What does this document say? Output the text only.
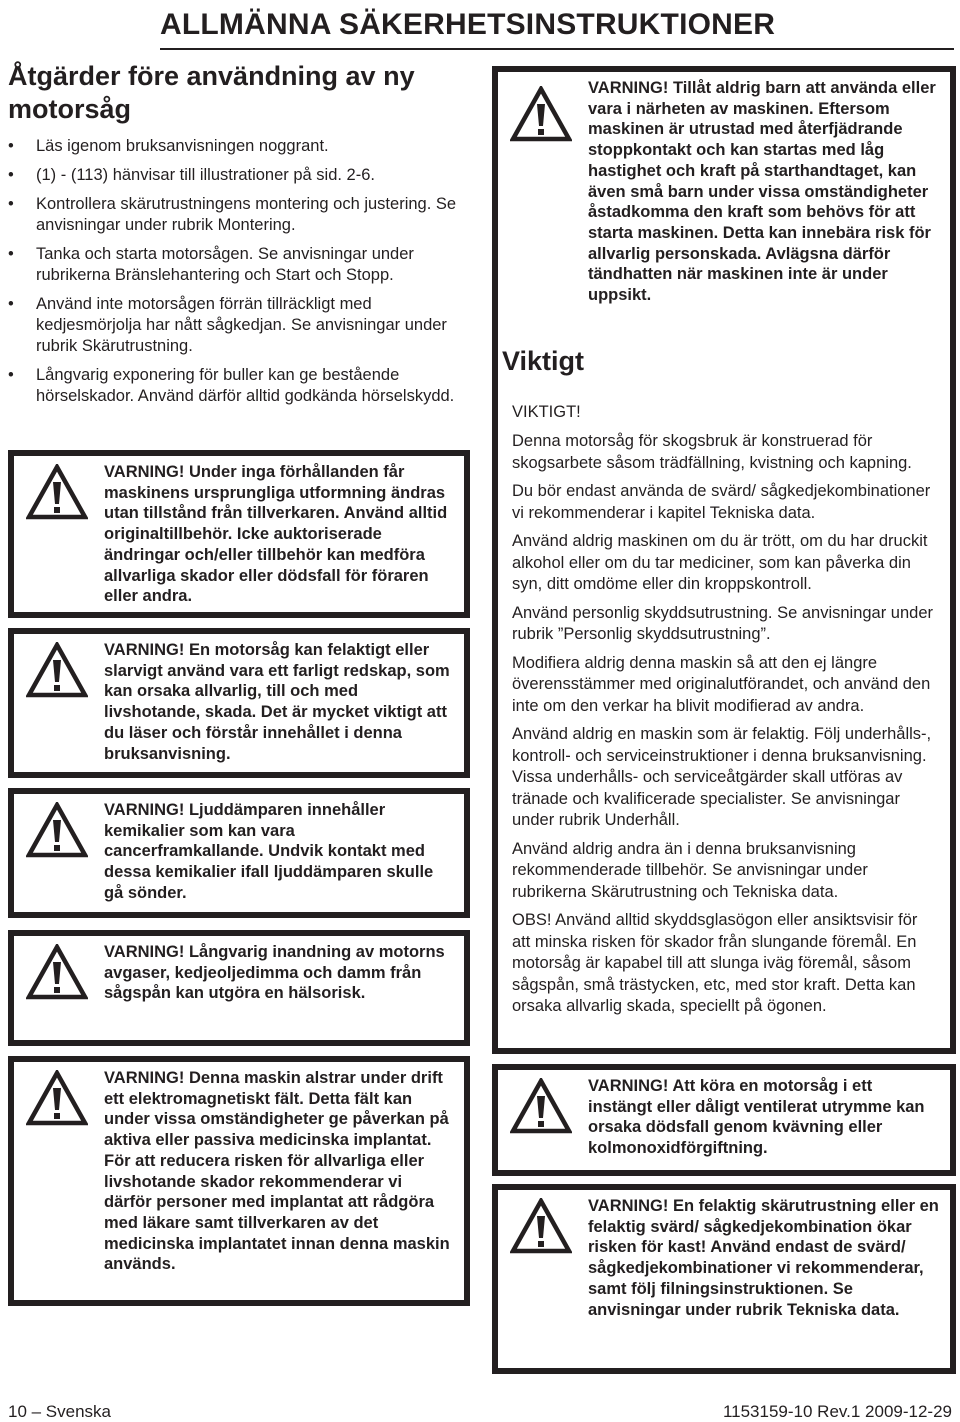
ALLMÄNNA SÄKERHETSINSTRUKTIONER
Åtgärder före användning av ny
motorsåg
•	Läs igenom bruksanvisningen noggrant.
•	(1) - (113) hänvisar till illustrationer på sid. 2-6.
•	Kontrollera skärutrustningens montering och justering. Se anvisningar under rubrik Montering.
•	Tanka och starta motorsågen. Se anvisningar under rubrikerna Bränslehantering och Start och Stopp.
•	Använd inte motorsågen förrän tillräckligt med kedjesmörjolja har nått sågkedjan. Se anvisningar under rubrik Skärutrustning.
•	Långvarig exponering för buller kan ge bestående hörselskador. Använd därför alltid godkända hörselskydd.

VARNING! Under inga förhållanden får maskinens ursprungliga utformning ändras utan tillstånd från tillverkaren. Använd alltid originaltillbehör. Icke auktoriserade ändringar och/eller tillbehör kan medföra allvarliga skador eller dödsfall för föraren eller andra.

VARNING! En motorsåg kan felaktigt eller slarvigt använd vara ett farligt redskap, som kan orsaka allvarlig, till och med livshotande, skada. Det är mycket viktigt att du läser och förstår innehållet i denna bruksanvisning.

VARNING! Ljuddämparen innehåller kemikalier som kan vara cancerframkallande. Undvik kontakt med dessa kemikalier ifall ljuddämparen skulle gå sönder.

VARNING! Långvarig inandning av motorns avgaser, kedjeoljedimma och damm från sågspån kan utgöra en hälsorisk.

VARNING! Denna maskin alstrar under drift ett elektromagnetiskt fält. Detta fält kan under vissa omständigheter ge påverkan på aktiva eller passiva medicinska implantat. För att reducera risken för allvarliga eller livshotande skador rekommenderar vi därför personer med implantat att rådgöra med läkare samt tillverkaren av det medicinska implantatet innan denna maskin används.

VARNING! Tillåt aldrig barn att använda eller vara i närheten av maskinen. Eftersom maskinen är utrustad med återfjädrande stoppkontakt och kan startas med låg hastighet och kraft på starthandtaget, kan även små barn under vissa omständigheter åstadkomma den kraft som behövs för att starta maskinen. Detta kan innebära risk för allvarlig personskada. Avlägsna därför tändhatten när maskinen inte är under uppsikt.

Viktigt

VIKTIGT!

Denna motorsåg för skogsbruk är konstruerad för skogsarbete såsom trädfällning, kvistning och kapning.

Du bör endast använda de svärd/ sågkedjekombinationer vi rekommenderar i kapitel Tekniska data.

Använd aldrig maskinen om du är trött, om du har druckit alkohol eller om du tar mediciner, som kan påverka din syn, ditt omdöme eller din kroppskontroll.

Använd personlig skyddsutrustning. Se anvisningar under rubrik ”Personlig skyddsutrustning”.

Modifiera aldrig denna maskin så att den ej längre överensstämmer med originalutförandet, och använd den inte om den verkar ha blivit modifierad av andra.

Använd aldrig en maskin som är felaktig. Följ underhålls-, kontroll- och serviceinstruktioner i denna bruksanvisning. Vissa underhålls- och serviceåtgärder skall utföras av tränade och kvalificerade specialister. Se anvisningar under rubrik Underhåll.

Använd aldrig andra än i denna bruksanvisning rekommenderade tillbehör. Se anvisningar under rubrikerna Skärutrustning och Tekniska data.

OBS! Använd alltid skyddsglasögon eller ansiktsvisir för att minska risken för skador från slungande föremål. En motorsåg är kapabel till att slunga iväg föremål, såsom sågspån, små trästycken, etc, med stor kraft. Detta kan orsaka allvarlig skada, speciellt på ögonen.

VARNING! Att köra en motorsåg i ett instängt eller dåligt ventilerat utrymme kan orsaka dödsfall genom kvävning eller kolmonoxidförgiftning.

VARNING! En felaktig skärutrustning eller en felaktig svärd/ sågkedjekombination ökar risken för kast! Använd endast de svärd/ sågkedjekombinationer vi rekommenderar, samt följ filningsinstruktionen. Se anvisningar under rubrik Tekniska data.

10 – Svenska	1153159-10 Rev.1 2009-12-29
